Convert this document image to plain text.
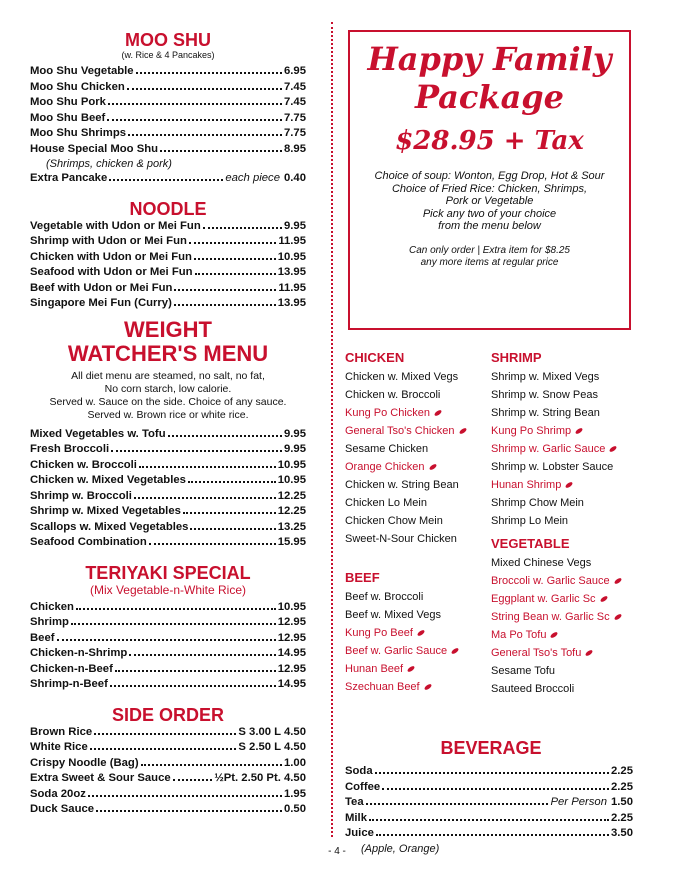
MOO SHU
(w. Rice & 4 Pancakes)
Moo Shu Vegetable	6.95
Moo Shu Chicken	7.45
Moo Shu Pork	7.45
Moo Shu Beef	7.75
Moo Shu Shrimps	7.75
House Special Moo Shu	8.95
(Shrimps, chicken & pork)
Extra Pancake	each piece 0.40
NOODLE
Vegetable with Udon or Mei Fun	9.95
Shrimp with Udon or Mei Fun	11.95
Chicken with Udon or Mei Fun	10.95
Seafood with Udon or Mei Fun	13.95
Beef with Udon or Mei Fun	11.95
Singapore Mei Fun (Curry)	13.95
WEIGHT
WATCHER'S MENU
All diet menu are steamed, no salt, no fat,
No corn starch, low calorie.
Served w. Sauce on the side. Choice of any sauce.
Served w. Brown rice or white rice.
Mixed Vegetables w. Tofu	9.95
Fresh Broccoli	9.95
Chicken w. Broccoli	10.95
Chicken w. Mixed Vegetables	10.95
Shrimp w. Broccoli	12.25
Shrimp w. Mixed Vegetables	12.25
Scallops w. Mixed Vegetables	13.25
Seafood Combination	15.95
TERIYAKI SPECIAL
(Mix Vegetable-n-White Rice)
Chicken	10.95
Shrimp	12.95
Beef	12.95
Chicken-n-Shrimp	14.95
Chicken-n-Beef	12.95
Shrimp-n-Beef	14.95
SIDE ORDER
Brown Rice	S 3.00 L 4.50
White Rice	S 2.50 L 4.50
Crispy Noodle (Bag)	1.00
Extra Sweet & Sour Sauce	½Pt. 2.50 Pt. 4.50
Soda 20oz	1.95
Duck Sauce	0.50
Happy Family
Package
$28.95 + Tax
Choice of soup: Wonton, Egg Drop, Hot & Sour
Choice of Fried Rice: Chicken, Shrimps,
Pork or Vegetable
Pick any two of your choice
from the menu below
Can only order | Extra item for $8.25
any more items at regular price
CHICKEN
Chicken w. Mixed Vegs
Chicken w. Broccoli
Kung Po Chicken
General Tso's Chicken
Sesame Chicken
Orange Chicken
Chicken w. String Bean
Chicken Lo Mein
Chicken Chow Mein
Sweet-N-Sour Chicken
BEEF
Beef w. Broccoli
Beef w. Mixed Vegs
Kung Po Beef
Beef w. Garlic Sauce
Hunan Beef
Szechuan Beef
SHRIMP
Shrimp w. Mixed Vegs
Shrimp w. Snow Peas
Shrimp w. String Bean
Kung Po Shrimp
Shrimp w. Garlic Sauce
Shrimp w. Lobster Sauce
Hunan Shrimp
Shrimp Chow Mein
Shrimp Lo Mein
VEGETABLE
Mixed Chinese Vegs
Broccoli w. Garlic Sauce
Eggplant w. Garlic Sc
String Bean w. Garlic Sc
Ma Po Tofu
General Tso's Tofu
Sesame Tofu
Sauteed Broccoli
BEVERAGE
Soda	2.25
Coffee	2.25
Tea	Per Person 1.50
Milk	2.25
Juice	3.50
(Apple, Orange)
- 4 -
